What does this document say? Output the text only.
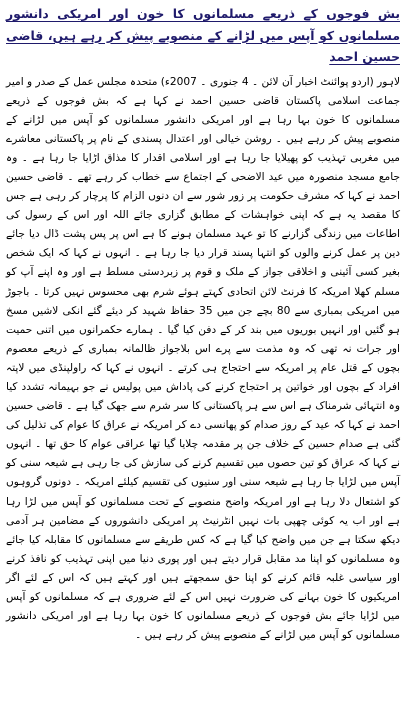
بش فوجوں کے ذریعے مسلمانوں کا خون اور امریکی دانشور مسلمانوں کو آپس میں لڑانے کے منصوبے پیش کر رہے ہیں، قاضی حسین احمد

لاہور (اردو پوائنٹ اخبار آن لائن ۔ 4 جنوری ۔ 2007ء) متحدہ مجلس عمل کے صدر و امیر جماعت اسلامی پاکستان قاضی حسین احمد نے کہا ہے کہ بش فوجوں کے ذریعے مسلمانوں کا خون بہا رہا ہے اور امریکی دانشور مسلمانوں کو آپس میں لڑانے کے منصوبے پیش کر رہے ہیں ۔ روشن خیالی اور اعتدال پسندی کے نام پر پاکستانی معاشرے میں مغربی تہذیب کو پھیلایا جا رہا ہے اور اسلامی اقدار کا مذاق اڑایا جا رہا ہے ۔ وہ جامع مسجد منصورہ میں عید الاضحی کے اجتماع سے خطاب کر رہے تھے ۔ قاضی حسین احمد نے کہا کہ مشرف حکومت پر زور شور سے ان دنوں الزام کا پرچار کر رہی ہے جس کا مقصد یہ ہے کہ اپنی خواہشات کے مطابق گزاری جائے اللہ اور اس کے رسول کی اطاعات میں زندگی گزارنے کا تو عہد مسلمان ہونے کا ہے اس پر پس پشت ڈال دیا جائے دین پر عمل کرنے والوں کو انتہا پسند قرار دیا جا رہا ہے ۔ انہوں نے کہا کہ ایک شخص بغیر کسی آئینی و اخلاقی جواز کے ملک و قوم پر زبردستی مسلط ہے اور وہ اپنے آپ کو مسلم کھلا امریکہ کا فرنٹ لائن اتحادی کہتے ہوئے شرم بھی محسوس نہیں کرتا ۔ باجوڑ میں امریکی بمباری سے 80 بچے جن میں 35 حفاظ شہید کر دیئے گئے انکی لاشیں مسخ ہو گئیں اور انہیں بوریوں میں بند کر کے دفن کیا گیا ۔ ہمارے حکمرانوں میں اتنی حمیت اور جرات نہ تھی کہ وہ مذمت سے پرے اس بلاجواز ظالمانہ بمباری کے ذریعے معصوم بچوں کے قتل عام پر امریکہ سے احتجاج ہی کرتے ۔ انہوں نے کہا کہ راولپنڈی میں لاپتہ افراد کے بچوں اور خواتین پر احتجاج کرنے کی پاداش میں پولیس نے جو بہیمانہ تشدد کیا وہ انتہائی شرمناک ہے اس سے ہر پاکستانی کا سر شرم سے جھک گیا ہے ۔ قاضی حسین احمد نے کہا کہ عید کے روز صدام کو پھانسی دے کر امریکہ نے عراق کا عوام کی تذلیل کی گئی ہے صدام حسین کے خلاف جن پر مقدمہ چلایا گیا تھا عراقی عوام کا حق تھا ۔ انہوں نے کہا کہ عراق کو تین حصوں میں تقسیم کرنے کی سازش کی جا رہی ہے شیعہ سنی کو آپس میں لڑایا جا رہا ہے شیعہ سنی اور سنیوں کی تقسیم کیلئے امریکہ ۔ دونوں گروہوں کو اشتعال دلا رہا ہے اور امریکہ واضح منصوبے کے تحت مسلمانوں کو آپس میں لڑا رہا ہے اور اب یہ کوئی چھپی بات نہیں انٹرنیٹ پر امریکی دانشوروں کے مضامین ہر آدمی دیکھ سکتا ہے جن میں واضح کیا گیا ہے کہ کس طریقے سے مسلمانوں کا مقابلہ کیا جائے وہ مسلمانوں کو اپنا مد مقابل قرار دیتے ہیں اور پوری دنیا میں اپنی تہذیب کو نافذ کرنے اور سیاسی غلبہ قائم کرنے کو اپنا حق سمجھتے ہیں اور کہتے ہیں کہ اس کے لئے اگر امریکیوں کا خون بہانے کی ضرورت نہیں اس کے لئے ضروری ہے کہ مسلمانوں کو آپس میں لڑایا جائے بش فوجوں کے ذریعے مسلمانوں کا خون بہا رہا ہے اور امریکی دانشور مسلمانوں کو آپس میں لڑانے کے منصوبے پیش کر رہے ہیں ۔
